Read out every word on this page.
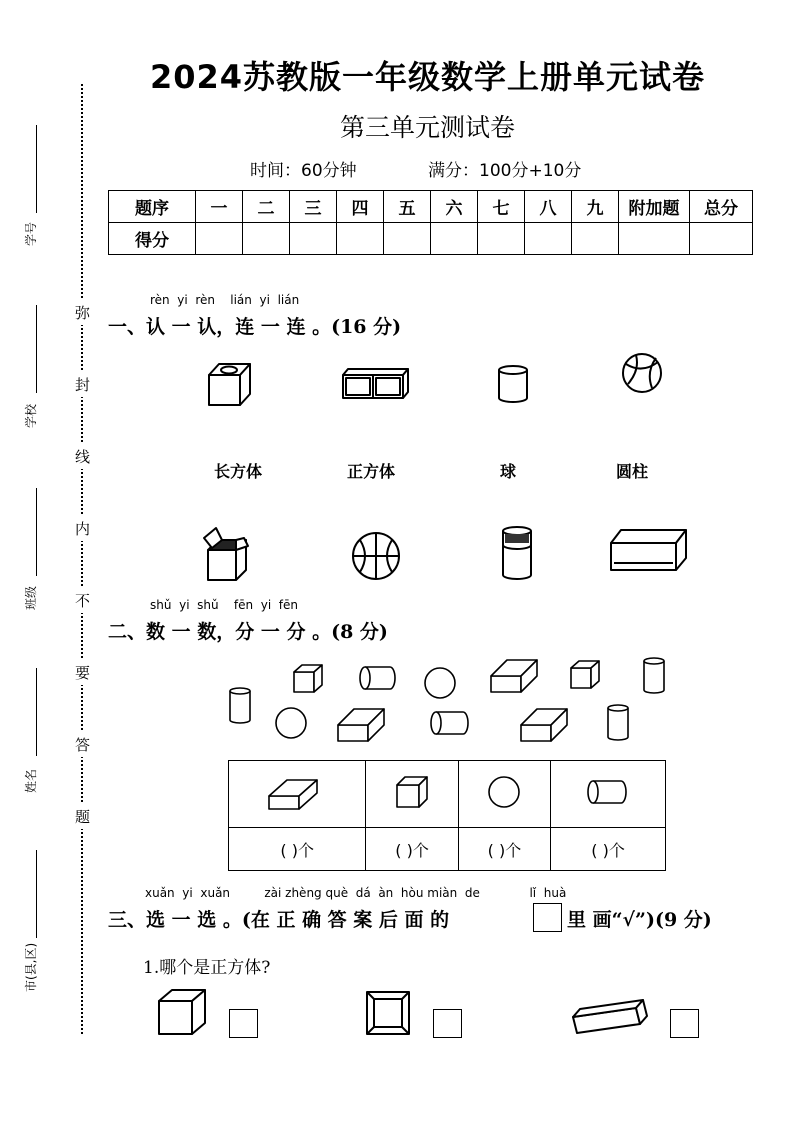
2024苏教版一年级数学上册单元试卷
第三单元测试卷
时间：60分钟	满分：100分+10分
题序	一	二	三	四	五	六	七	八	九	附加题	总分
得分											
弥
封
线
内
不
要
答
题
学号
学校
班级
姓名
市(县,区)
rèn  yi  rèn    lián  yi  lián
一、认 一 认，连 一 连 。(16 分)
长方体	正方体	球	圆柱
shǔ  yi  shǔ    fēn  yi  fēn
二、数 一 数，分 一 分 。(8 分)

( )个	( )个	( )个	( )个
xuǎn  yi  xuǎn         zài zhèng què  dá  àn  hòu miàn  de             lǐ  huà
三、选 一 选 。(在 正 确 答 案 后 面 的	里 画“√”)(9 分)
1.哪个是正方体?
